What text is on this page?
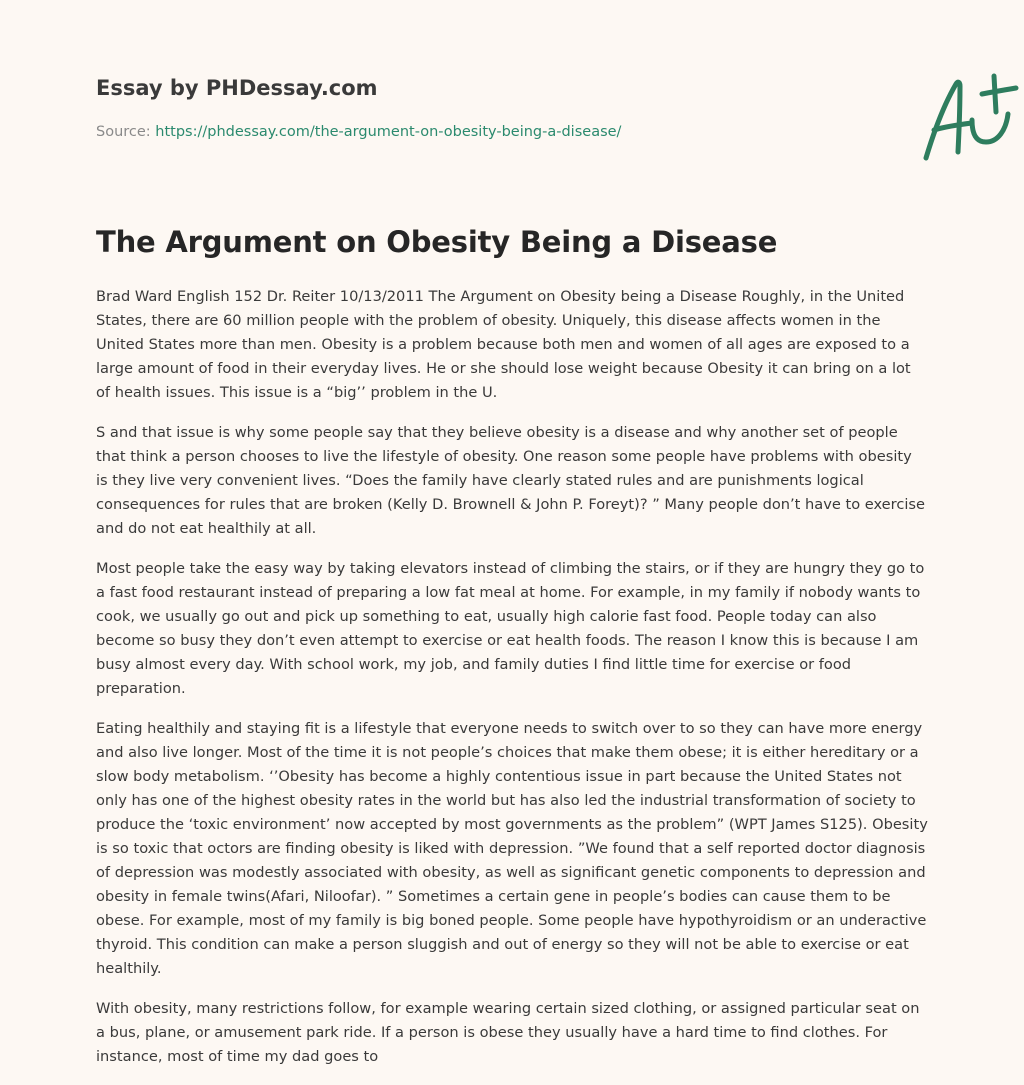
Essay by PHDessay.com
Source: https://phdessay.com/the-argument-on-obesity-being-a-disease/
The Argument on Obesity Being a Disease

Brad Ward English 152 Dr. Reiter 10/13/2011 The Argument on Obesity being a Disease Roughly, in the United States, there are 60 million people with the problem of obesity. Uniquely, this disease affects women in the United States more than men. Obesity is a problem because both men and women of all ages are exposed to a large amount of food in their everyday lives. He or she should lose weight because Obesity it can bring on a lot of health issues. This issue is a “big’’ problem in the U.

S and that issue is why some people say that they believe obesity is a disease and why another set of people that think a person chooses to live the lifestyle of obesity. One reason some people have problems with obesity is they live very convenient lives. “Does the family have clearly stated rules and are punishments logical consequences for rules that are broken (Kelly D. Brownell & John P. Foreyt)? ” Many people don’t have to exercise and do not eat healthily at all.

Most people take the easy way by taking elevators instead of climbing the stairs, or if they are hungry they go to a fast food restaurant instead of preparing a low fat meal at home. For example, in my family if nobody wants to cook, we usually go out and pick up something to eat, usually high calorie fast food. People today can also become so busy they don’t even attempt to exercise or eat health foods. The reason I know this is because I am busy almost every day. With school work, my job, and family duties I find little time for exercise or food preparation.

Eating healthily and staying fit is a lifestyle that everyone needs to switch over to so they can have more energy and also live longer. Most of the time it is not people’s choices that make them obese; it is either hereditary or a slow body metabolism. ‘’Obesity has become a highly contentious issue in part because the United States not only has one of the highest obesity rates in the world but has also led the industrial transformation of society to produce the ‘toxic environment’ now accepted by most governments as the problem” (WPT James S125). Obesity is so toxic that octors are finding obesity is liked with depression. ”We found that a self reported doctor diagnosis of depression was modestly associated with obesity, as well as significant genetic components to depression and obesity in female twins(Afari, Niloofar). ” Sometimes a certain gene in people’s bodies can cause them to be obese. For example, most of my family is big boned people. Some people have hypothyroidism or an underactive thyroid. This condition can make a person sluggish and out of energy so they will not be able to exercise or eat healthily.

With obesity, many restrictions follow, for example wearing certain sized clothing, or assigned particular seat on a bus, plane, or amusement park ride. If a person is obese they usually have a hard time to find clothes. For instance, most of time my dad goes to
